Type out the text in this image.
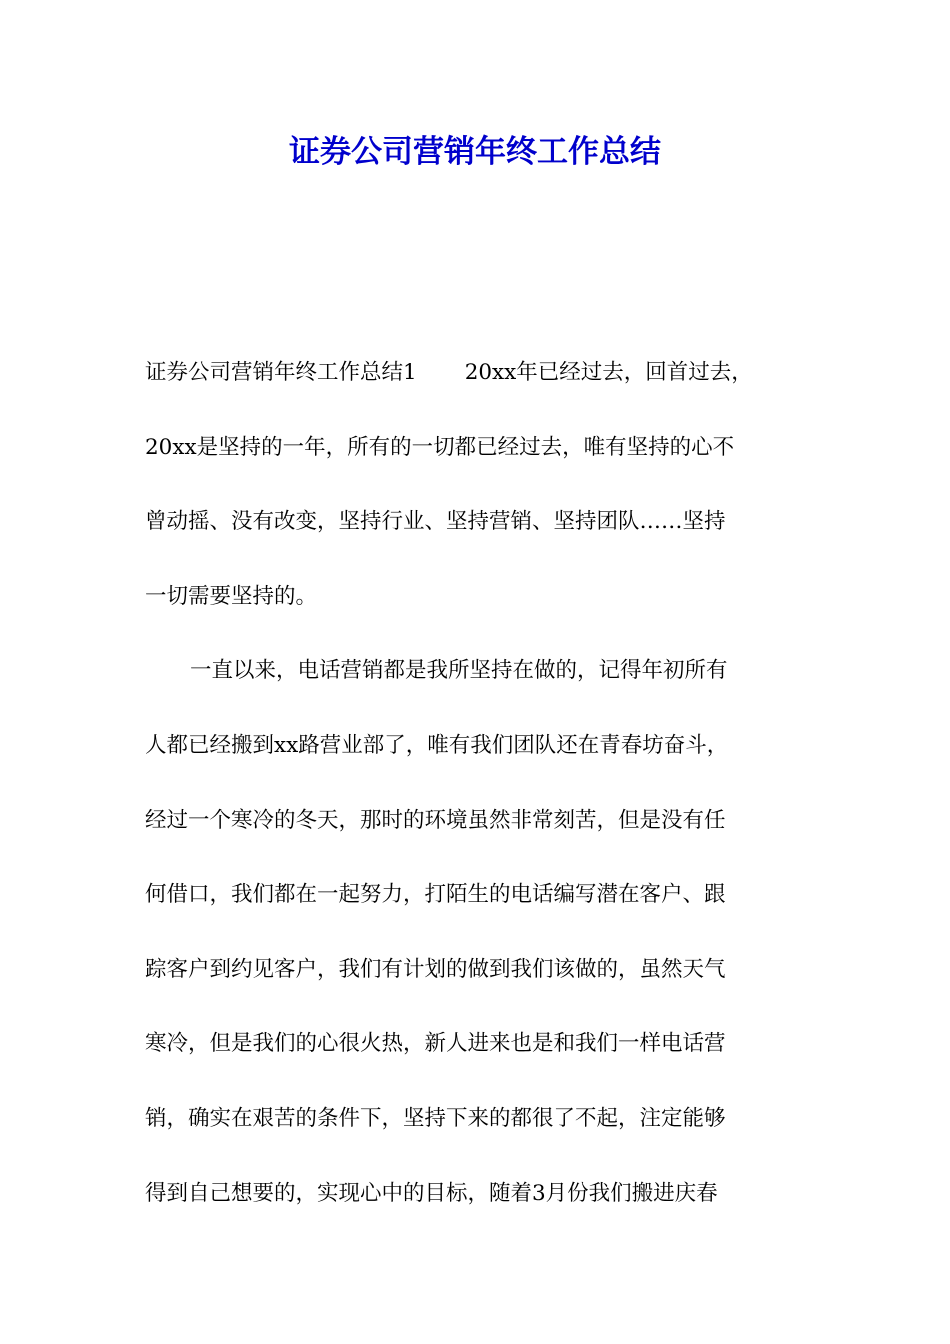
证券公司营销年终工作总结
证券公司营销年终工作总结1 20xx年已经过去，回首过去，
20xx是坚持的一年，所有的一切都已经过去，唯有坚持的心不
曾动摇、没有改变，坚持行业、坚持营销、坚持团队……坚持
一切需要坚持的。
一直以来，电话营销都是我所坚持在做的，记得年初所有
人都已经搬到xx路营业部了，唯有我们团队还在青春坊奋斗，
经过一个寒冷的冬天，那时的环境虽然非常刻苦，但是没有任
何借口，我们都在一起努力，打陌生的电话编写潜在客户、跟
踪客户到约见客户，我们有计划的做到我们该做的，虽然天气
寒冷，但是我们的心很火热，新人进来也是和我们一样电话营
销，确实在艰苦的条件下，坚持下来的都很了不起，注定能够
得到自己想要的，实现心中的目标，随着3月份我们搬进庆春
